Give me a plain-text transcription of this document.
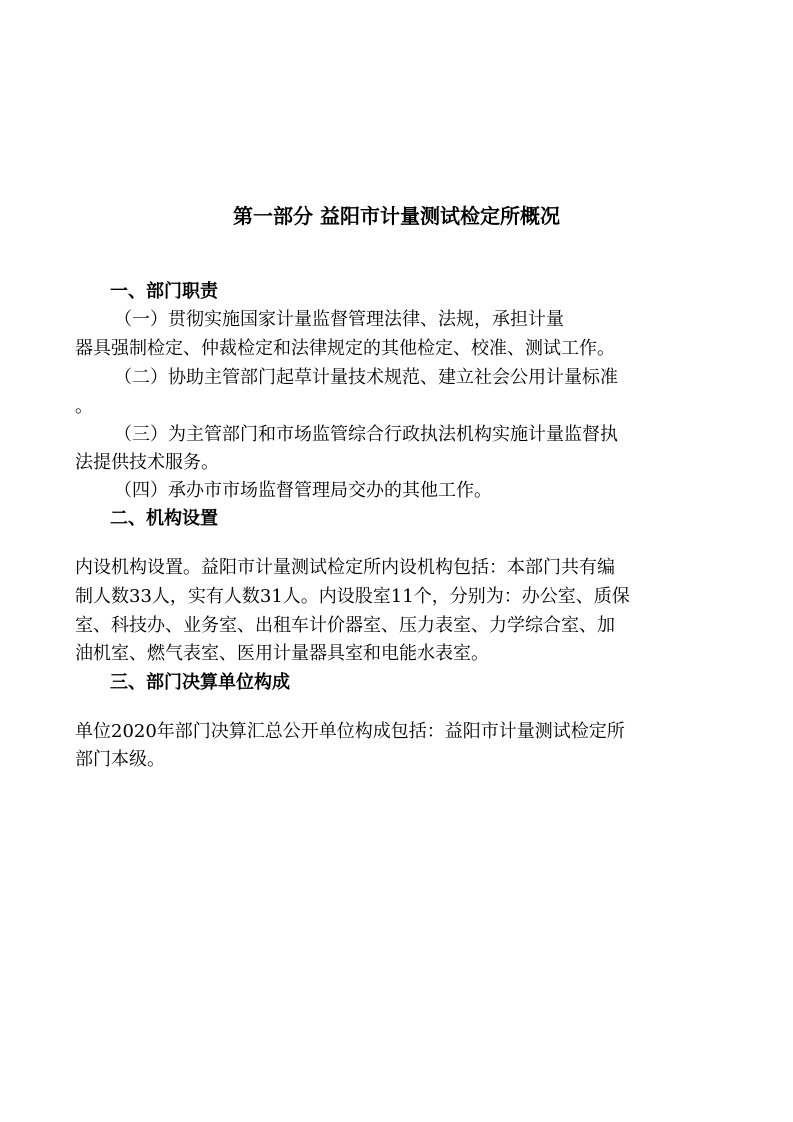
第一部分 益阳市计量测试检定所概况
一、部门职责
（一）贯彻实施国家计量监督管理法律、法规，承担计量
器具强制检定、仲裁检定和法律规定的其他检定、校准、测试工作。
（二）协助主管部门起草计量技术规范、建立社会公用计量标准
。
（三）为主管部门和市场监管综合行政执法机构实施计量监督执
法提供技术服务。
（四）承办市市场监督管理局交办的其他工作。
二、机构设置
内设机构设置。益阳市计量测试检定所内设机构包括：本部门共有编
制人数33人，实有人数31人。内设股室11个，分别为：办公室、质保
室、科技办、业务室、出租车计价器室、压力表室、力学综合室、加
油机室、燃气表室、医用计量器具室和电能水表室。
三、部门决算单位构成
单位2020年部门决算汇总公开单位构成包括：益阳市计量测试检定所
部门本级。
